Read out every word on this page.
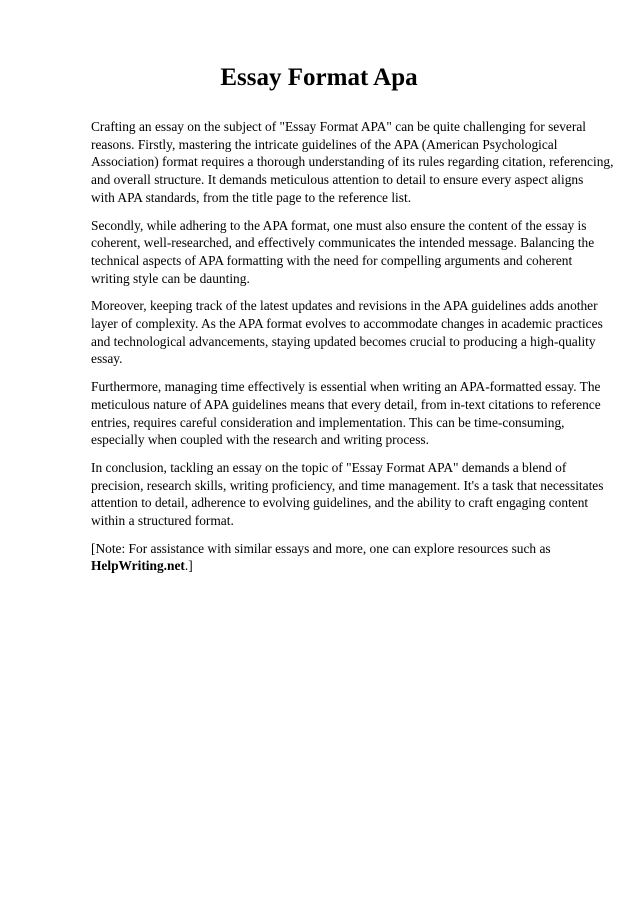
Essay Format Apa

Crafting an essay on the subject of "Essay Format APA" can be quite challenging for several
reasons. Firstly, mastering the intricate guidelines of the APA (American Psychological
Association) format requires a thorough understanding of its rules regarding citation, referencing,
and overall structure. It demands meticulous attention to detail to ensure every aspect aligns
with APA standards, from the title page to the reference list.

Secondly, while adhering to the APA format, one must also ensure the content of the essay is
coherent, well-researched, and effectively communicates the intended message. Balancing the
technical aspects of APA formatting with the need for compelling arguments and coherent
writing style can be daunting.

Moreover, keeping track of the latest updates and revisions in the APA guidelines adds another
layer of complexity. As the APA format evolves to accommodate changes in academic practices
and technological advancements, staying updated becomes crucial to producing a high-quality
essay.

Furthermore, managing time effectively is essential when writing an APA-formatted essay. The
meticulous nature of APA guidelines means that every detail, from in-text citations to reference
entries, requires careful consideration and implementation. This can be time-consuming,
especially when coupled with the research and writing process.

In conclusion, tackling an essay on the topic of "Essay Format APA" demands a blend of
precision, research skills, writing proficiency, and time management. It's a task that necessitates
attention to detail, adherence to evolving guidelines, and the ability to craft engaging content
within a structured format.

[Note: For assistance with similar essays and more, one can explore resources such as
HelpWriting.net.]
